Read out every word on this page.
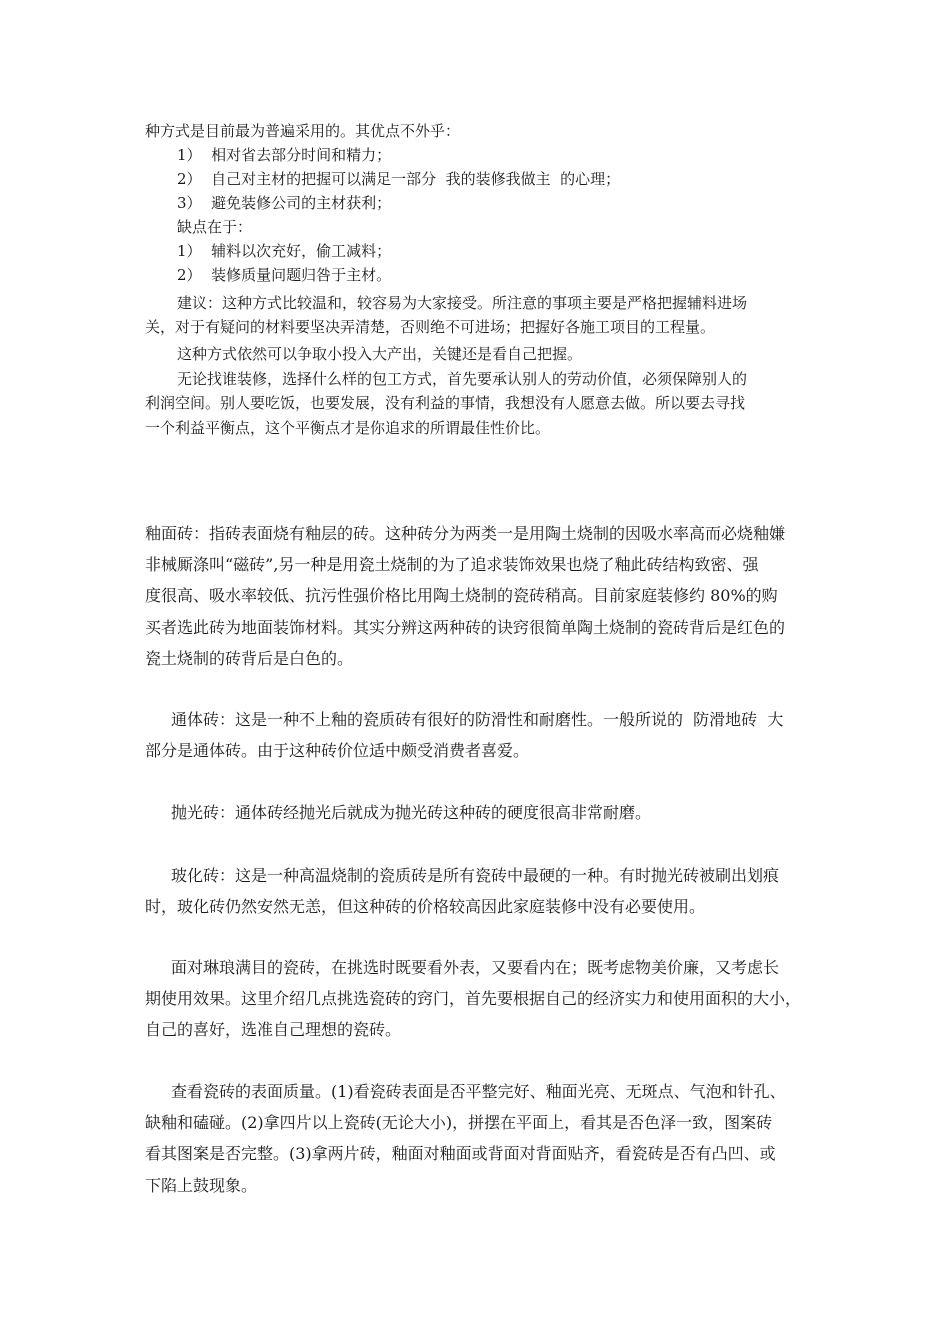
种方式是目前最为普遍采用的。其优点不外乎：

1）  相对省去部分时间和精力；

2）  自己对主材的把握可以满足一部分  我的装修我做主  的心理；

3）  避免装修公司的主材获利；

缺点在于：

1）  辅料以次充好，偷工减料；

2）  装修质量问题归咎于主材。

建议：这种方式比较温和，较容易为大家接受。所注意的事项主要是严格把握辅料进场

关，对于有疑问的材料要坚决弄清楚，否则绝不可进场；把握好各施工项目的工程量。

这种方式依然可以争取小投入大产出，关键还是看自己把握。

无论找谁装修，选择什么样的包工方式，首先要承认别人的劳动价值，必须保障别人的

利润空间。别人要吃饭，也要发展，没有利益的事情，我想没有人愿意去做。所以要去寻找

一个利益平衡点，这个平衡点才是你追求的所谓最佳性价比。

釉面砖：指砖表面烧有釉层的砖。这种砖分为两类一是用陶土烧制的因吸水率高而必烧釉嫌

非械厮涤叫“磁砖”,另一种是用瓷土烧制的为了追求装饰效果也烧了釉此砖结构致密、强

度很高、吸水率较低、抗污性强价格比用陶土烧制的瓷砖稍高。目前家庭装修约 80%的购

买者选此砖为地面装饰材料。其实分辨这两种砖的诀窍很简单陶土烧制的瓷砖背后是红色的

瓷土烧制的砖背后是白色的。

通体砖：这是一种不上釉的瓷质砖有很好的防滑性和耐磨性。一般所说的  防滑地砖  大

部分是通体砖。由于这种砖价位适中颇受消费者喜爱。

抛光砖：通体砖经抛光后就成为抛光砖这种砖的硬度很高非常耐磨。

玻化砖：这是一种高温烧制的瓷质砖是所有瓷砖中最硬的一种。有时抛光砖被刷出划痕

时，玻化砖仍然安然无恙，但这种砖的价格较高因此家庭装修中没有必要使用。

面对琳琅满目的瓷砖，在挑选时既要看外表，又要看内在；既考虑物美价廉，又考虑长

期使用效果。这里介绍几点挑选瓷砖的窍门，首先要根据自己的经济实力和使用面积的大小，

自己的喜好，选准自己理想的瓷砖。

查看瓷砖的表面质量。(1)看瓷砖表面是否平整完好、釉面光亮、无斑点、气泡和针孔、

缺釉和磕碰。(2)拿四片以上瓷砖(无论大小)，拼摆在平面上，看其是否色泽一致，图案砖

看其图案是否完整。(3)拿两片砖，釉面对釉面或背面对背面贴齐，看瓷砖是否有凸凹、或

下陷上鼓现象。
